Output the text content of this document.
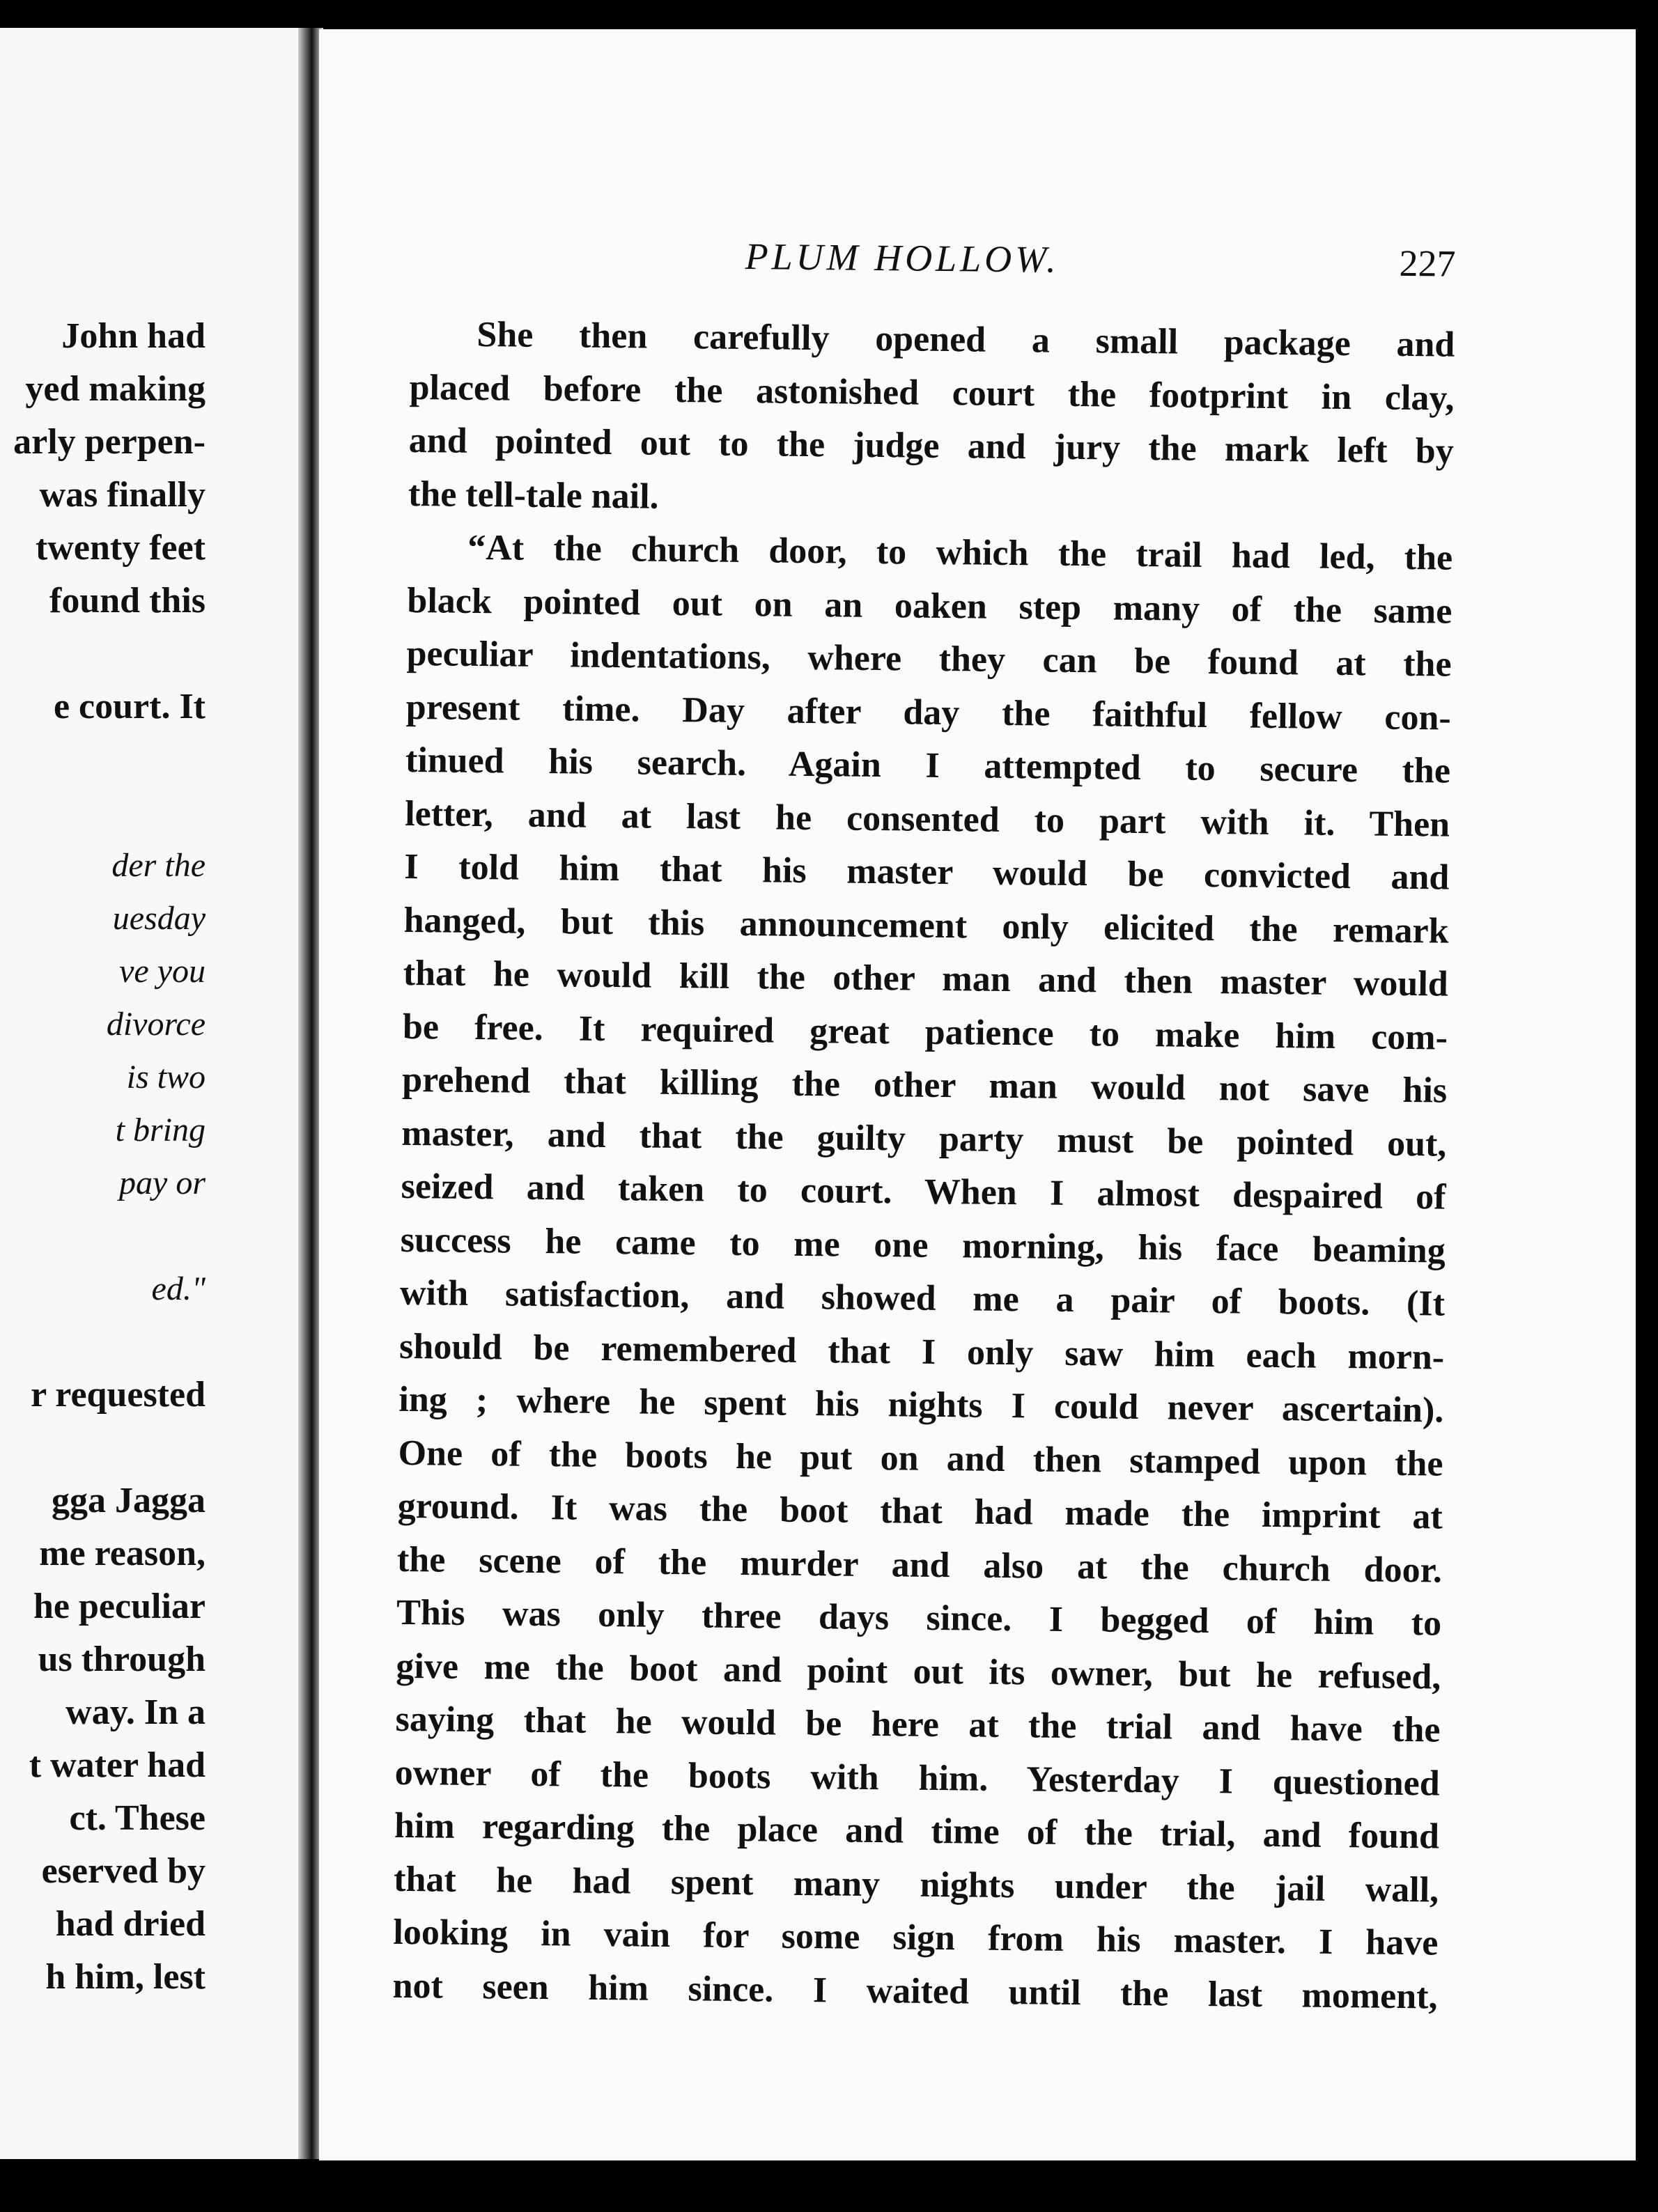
John had
yed making
arly perpen-
was finally
twenty feet
found this
e court. It
der the
uesday
ve you
divorce
is two
t bring
pay or
ed."
r requested
gga Jagga
me reason,
he peculiar
us through
way. In a
t water had
ct. These
eserved by
had dried
h him, lest
PLUM HOLLOW.	227
She then carefully opened a small package and
placed before the astonished court the footprint in clay,
and pointed out to the judge and jury the mark left by
the tell-tale nail.
“At the church door, to which the trail had led, the
black pointed out on an oaken step many of the same
peculiar indentations, where they can be found at the
present time. Day after day the faithful fellow con-
tinued his search. Again I attempted to secure the
letter, and at last he consented to part with it. Then
I told him that his master would be convicted and
hanged, but this announcement only elicited the remark
that he would kill the other man and then master would
be free. It required great patience to make him com-
prehend that killing the other man would not save his
master, and that the guilty party must be pointed out,
seized and taken to court. When I almost despaired of
success he came to me one morning, his face beaming
with satisfaction, and showed me a pair of boots. (It
should be remembered that I only saw him each morn-
ing ; where he spent his nights I could never ascertain).
One of the boots he put on and then stamped upon the
ground. It was the boot that had made the imprint at
the scene of the murder and also at the church door.
This was only three days since. I begged of him to
give me the boot and point out its owner, but he refused,
saying that he would be here at the trial and have the
owner of the boots with him. Yesterday I questioned
him regarding the place and time of the trial, and found
that he had spent many nights under the jail wall,
looking in vain for some sign from his master. I have
not seen him since. I waited until the last moment,
